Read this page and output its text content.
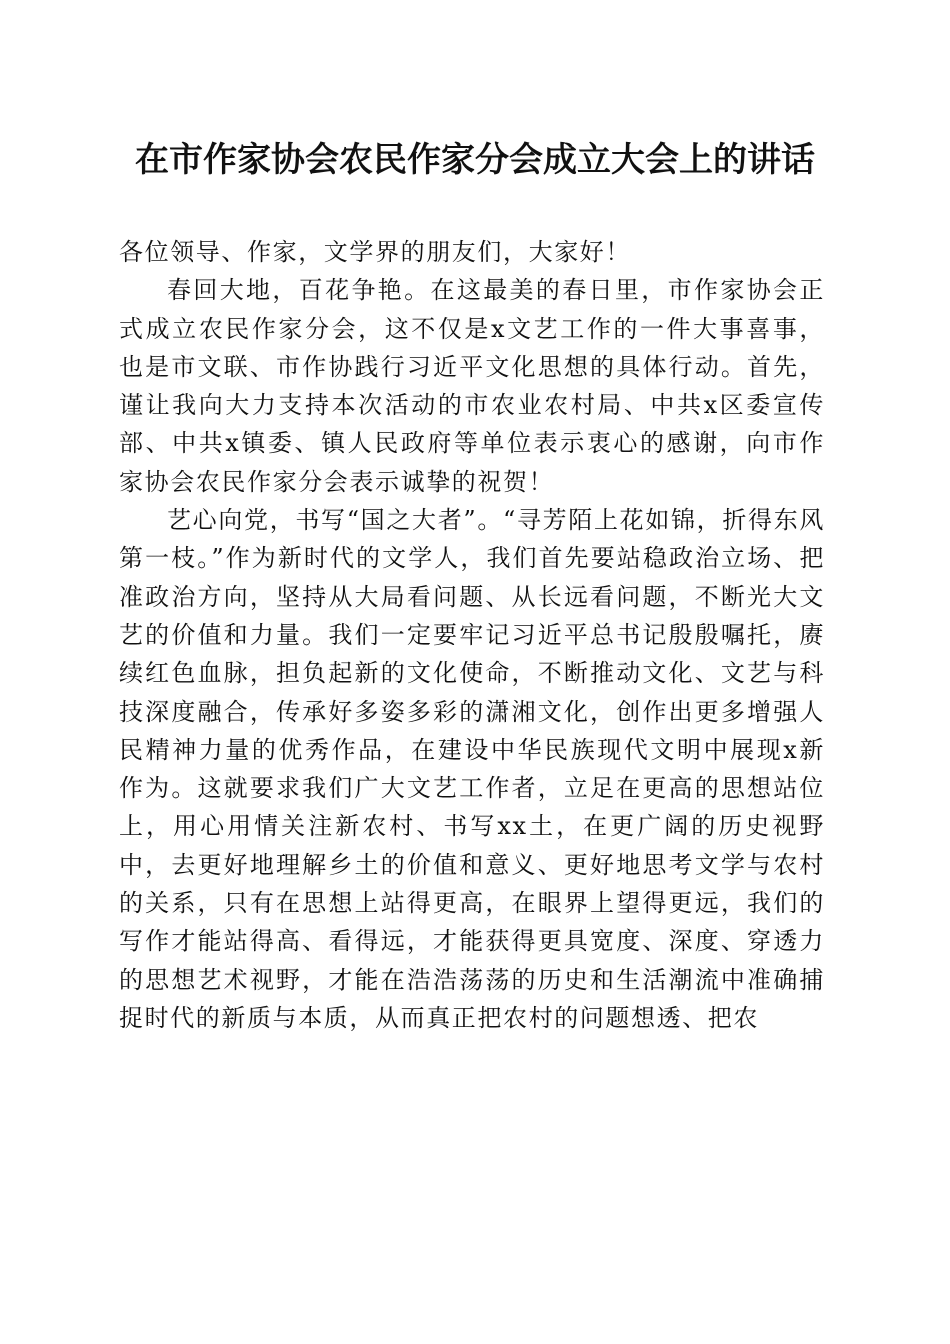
在市作家协会农民作家分会成立大会上的讲话

各位领导、作家，文学界的朋友们，大家好！

春回大地，百花争艳。在这最美的春日里，市作家协会正式成立农民作家分会，这不仅是x文艺工作的一件大事喜事，也是市文联、市作协践行习近平文化思想的具体行动。首先，谨让我向大力支持本次活动的市农业农村局、中共x区委宣传部、中共x镇委、镇人民政府等单位表示衷心的感谢，向市作家协会农民作家分会表示诚挚的祝贺！

艺心向党，书写“国之大者”。“寻芳陌上花如锦，折得东风第一枝。”作为新时代的文学人，我们首先要站稳政治立场、把准政治方向，坚持从大局看问题、从长远看问题，不断光大文艺的价值和力量。我们一定要牢记习近平总书记殷殷嘱托，赓续红色血脉，担负起新的文化使命，不断推动文化、文艺与科技深度融合，传承好多姿多彩的潇湘文化，创作出更多增强人民精神力量的优秀作品，在建设中华民族现代文明中展现x新作为。这就要求我们广大文艺工作者，立足在更高的思想站位上，用心用情关注新农村、书写xx土，在更广阔的历史视野中，去更好地理解乡土的价值和意义、更好地思考文学与农村的关系，只有在思想上站得更高，在眼界上望得更远，我们的写作才能站得高、看得远，才能获得更具宽度、深度、穿透力的思想艺术视野，才能在浩浩荡荡的历史和生活潮流中准确捕捉时代的新质与本质，从而真正把农村的问题想透、把农
